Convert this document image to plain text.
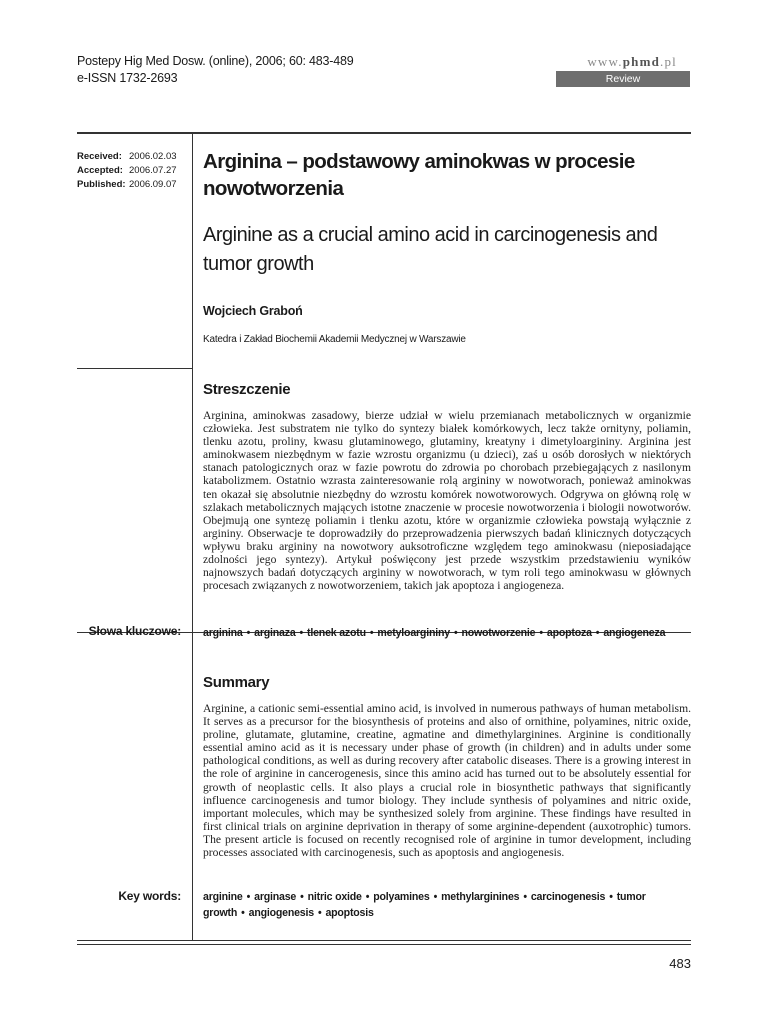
Postepy Hig Med Dosw. (online), 2006; 60: 483-489
e-ISSN 1732-2693
www.phmd.pl
Review
Received: 2006.02.03
Accepted: 2006.07.27
Published: 2006.09.07
Arginina – podstawowy aminokwas w procesie nowotworzenia
Arginine as a crucial amino acid in carcinogenesis and tumor growth
Wojciech Graboń
Katedra i Zakład Biochemii Akademii Medycznej w Warszawie
Streszczenie
Arginina, aminokwas zasadowy, bierze udział w wielu przemianach metabolicznych w organizmie człowieka. Jest substratem nie tylko do syntezy białek komórkowych, lecz także ornityny, poliamin, tlenku azotu, proliny, kwasu glutaminowego, glutaminy, kreatyny i dimetyloargininy. Arginina jest aminokwasem niezbędnym w fazie wzrostu organizmu (u dzieci), zaś u osób dorosłych w niektórych stanach patologicznych oraz w fazie powrotu do zdrowia po chorobach przebiegających z nasilonym katabolizmem. Ostatnio wzrasta zainteresowanie rolą argininy w nowotworach, ponieważ aminokwas ten okazał się absolutnie niezbędny do wzrostu komórek nowotworowych. Odgrywa on główną rolę w szlakach metabolicznych mających istotne znaczenie w procesie nowotworzenia i biologii nowotworów. Obejmują one syntezę poliamin i tlenku azotu, które w organizmie człowieka powstają wyłącznie z argininy. Obserwacje te doprowadziły do przeprowadzenia pierwszych badań klinicznych dotyczących wpływu braku argininy na nowotwory auksotroficzne względem tego aminokwasu (nieposiadające zdolności jego syntezy). Artykuł poświęcony jest przede wszystkim przedstawieniu wyników najnowszych badań dotyczących argininy w nowotworach, w tym roli tego aminokwasu w głównych procesach związanych z nowotworzeniem, takich jak apoptoza i angiogeneza.
Słowa kluczowe: arginina • arginaza • tlenek azotu • metyloargininy • nowotworzenie • apoptoza • angiogeneza
Summary
Arginine, a cationic semi-essential amino acid, is involved in numerous pathways of human metabolism. It serves as a precursor for the biosynthesis of proteins and also of ornithine, polyamines, nitric oxide, proline, glutamate, glutamine, creatine, agmatine and dimethylarginines. Arginine is conditionally essential amino acid as it is necessary under phase of growth (in children) and in adults under some pathological conditions, as well as during recovery after catabolic diseases. There is a growing interest in the role of arginine in cancerogenesis, since this amino acid has turned out to be absolutely essential for growth of neoplastic cells. It also plays a crucial role in biosynthetic pathways that significantly influence carcinogenesis and tumor biology. They include synthesis of polyamines and nitric oxide, important molecules, which may be synthesized solely from arginine. These findings have resulted in first clinical trials on arginine deprivation in therapy of some arginine-dependent (auxotrophic) tumors. The present article is focused on recently recognised role of arginine in tumor development, including processes associated with carcinogenesis, such as apoptosis and angiogenesis.
Key words: arginine • arginase • nitric oxide • polyamines • methylarginines • carcinogenesis • tumor growth • angiogenesis • apoptosis
483
